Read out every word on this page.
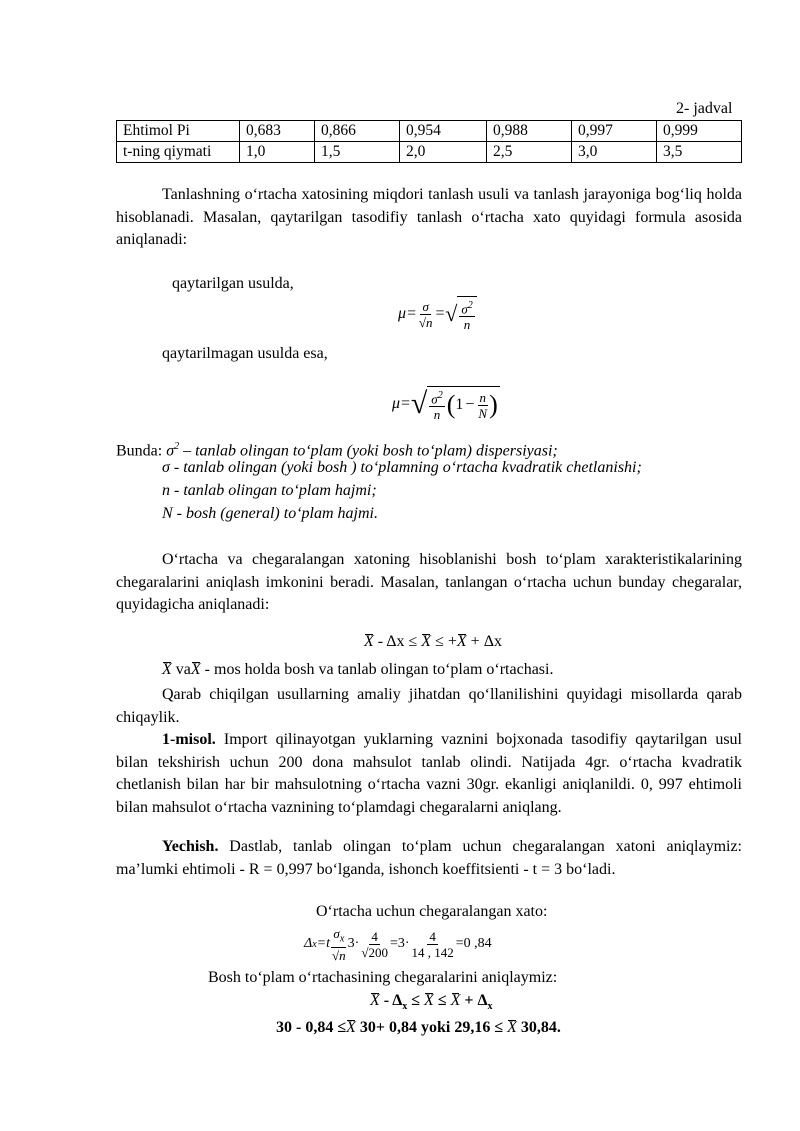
2- jadval
Ehtimol Pi	0,683	0,866	0,954	0,988	0,997	0,999
t-ning qiymati	1,0	1,5	2,0	2,5	3,0	3,5
Tanlashning o‘rtacha xatosining miqdori tanlash usuli va tanlash jarayoniga bog‘liq holda hisoblanadi. Masalan, qaytarilgan tasodifiy tanlash o‘rtacha xato quyidagi formula asosida aniqlanadi:
qaytarilgan usulda,
$\mu = \frac{\sigma}{√n}$ = √ $\frac{\sigma^2}{n}$
qaytarilmagan usulda esa,
μ = √ $\frac{\sigma^2}{n}$ ( $1 - \frac{n}{N}$ )
Bunda: $\sigma^2$ – tanlab olingan to‘plam (yoki bosh to‘plam) dispersiyasi;
σ - tanlab olingan (yoki bosh ) to‘plamning o‘rtacha kvadratik chetlanishi;
n - tanlab olingan to‘plam hajmi;
N - bosh (general) to‘plam hajmi.
O‘rtacha va chegaralangan xatoning hisoblanishi bosh to‘plam xarakteristikalarining chegaralarini aniqlash imkonini beradi. Masalan, tanlangan o‘rtacha uchun bunday chegaralar, quyidagicha aniqlanadi:
X - Δx ≤ X ≤ +X + Δx
X vaX - mos holda bosh va tanlab olingan to‘plam o‘rtachasi.
Qarab chiqilgan usullarning amaliy jihatdan qo‘llanilishini quyidagi misollarda qarab chiqaylik.
1-misol. Import qilinayotgan yuklarning vaznini bojxonada tasodifiy qaytarilgan usul bilan tekshirish uchun 200 dona mahsulot tanlab olindi. Natijada 4gr. o‘rtacha kvadratik chetlanish bilan har bir mahsulotning o‘rtacha vazni 30gr. ekanligi aniqlanildi. 0, 997 ehtimoli bilan mahsulot o‘rtacha vaznining to‘plamdagi chegaralarni aniqlang.
Yechish. Dastlab, tanlab olingan to‘plam uchun chegaralangan xatoni aniqlaymiz: ma’lumki ehtimoli - R = 0,997 bo‘lganda, ishonch koeffitsienti - t = 3 bo‘ladi.
O‘rtacha uchun chegaralangan xato:
Δ $x =t \frac{\sigma_x}{√n} 3\cdot \frac{4}{√200} =3\cdot \frac{4}{14 , 142} =0$ ,84
Bosh to‘plam o‘rtachasining chegaralarini aniqlaymiz:
$X - \Delta_x \le X \le X + \Delta_x$
30 - 0,84 ≤X 30+ 0,84 yoki 29,16 ≤ X 30,84.
